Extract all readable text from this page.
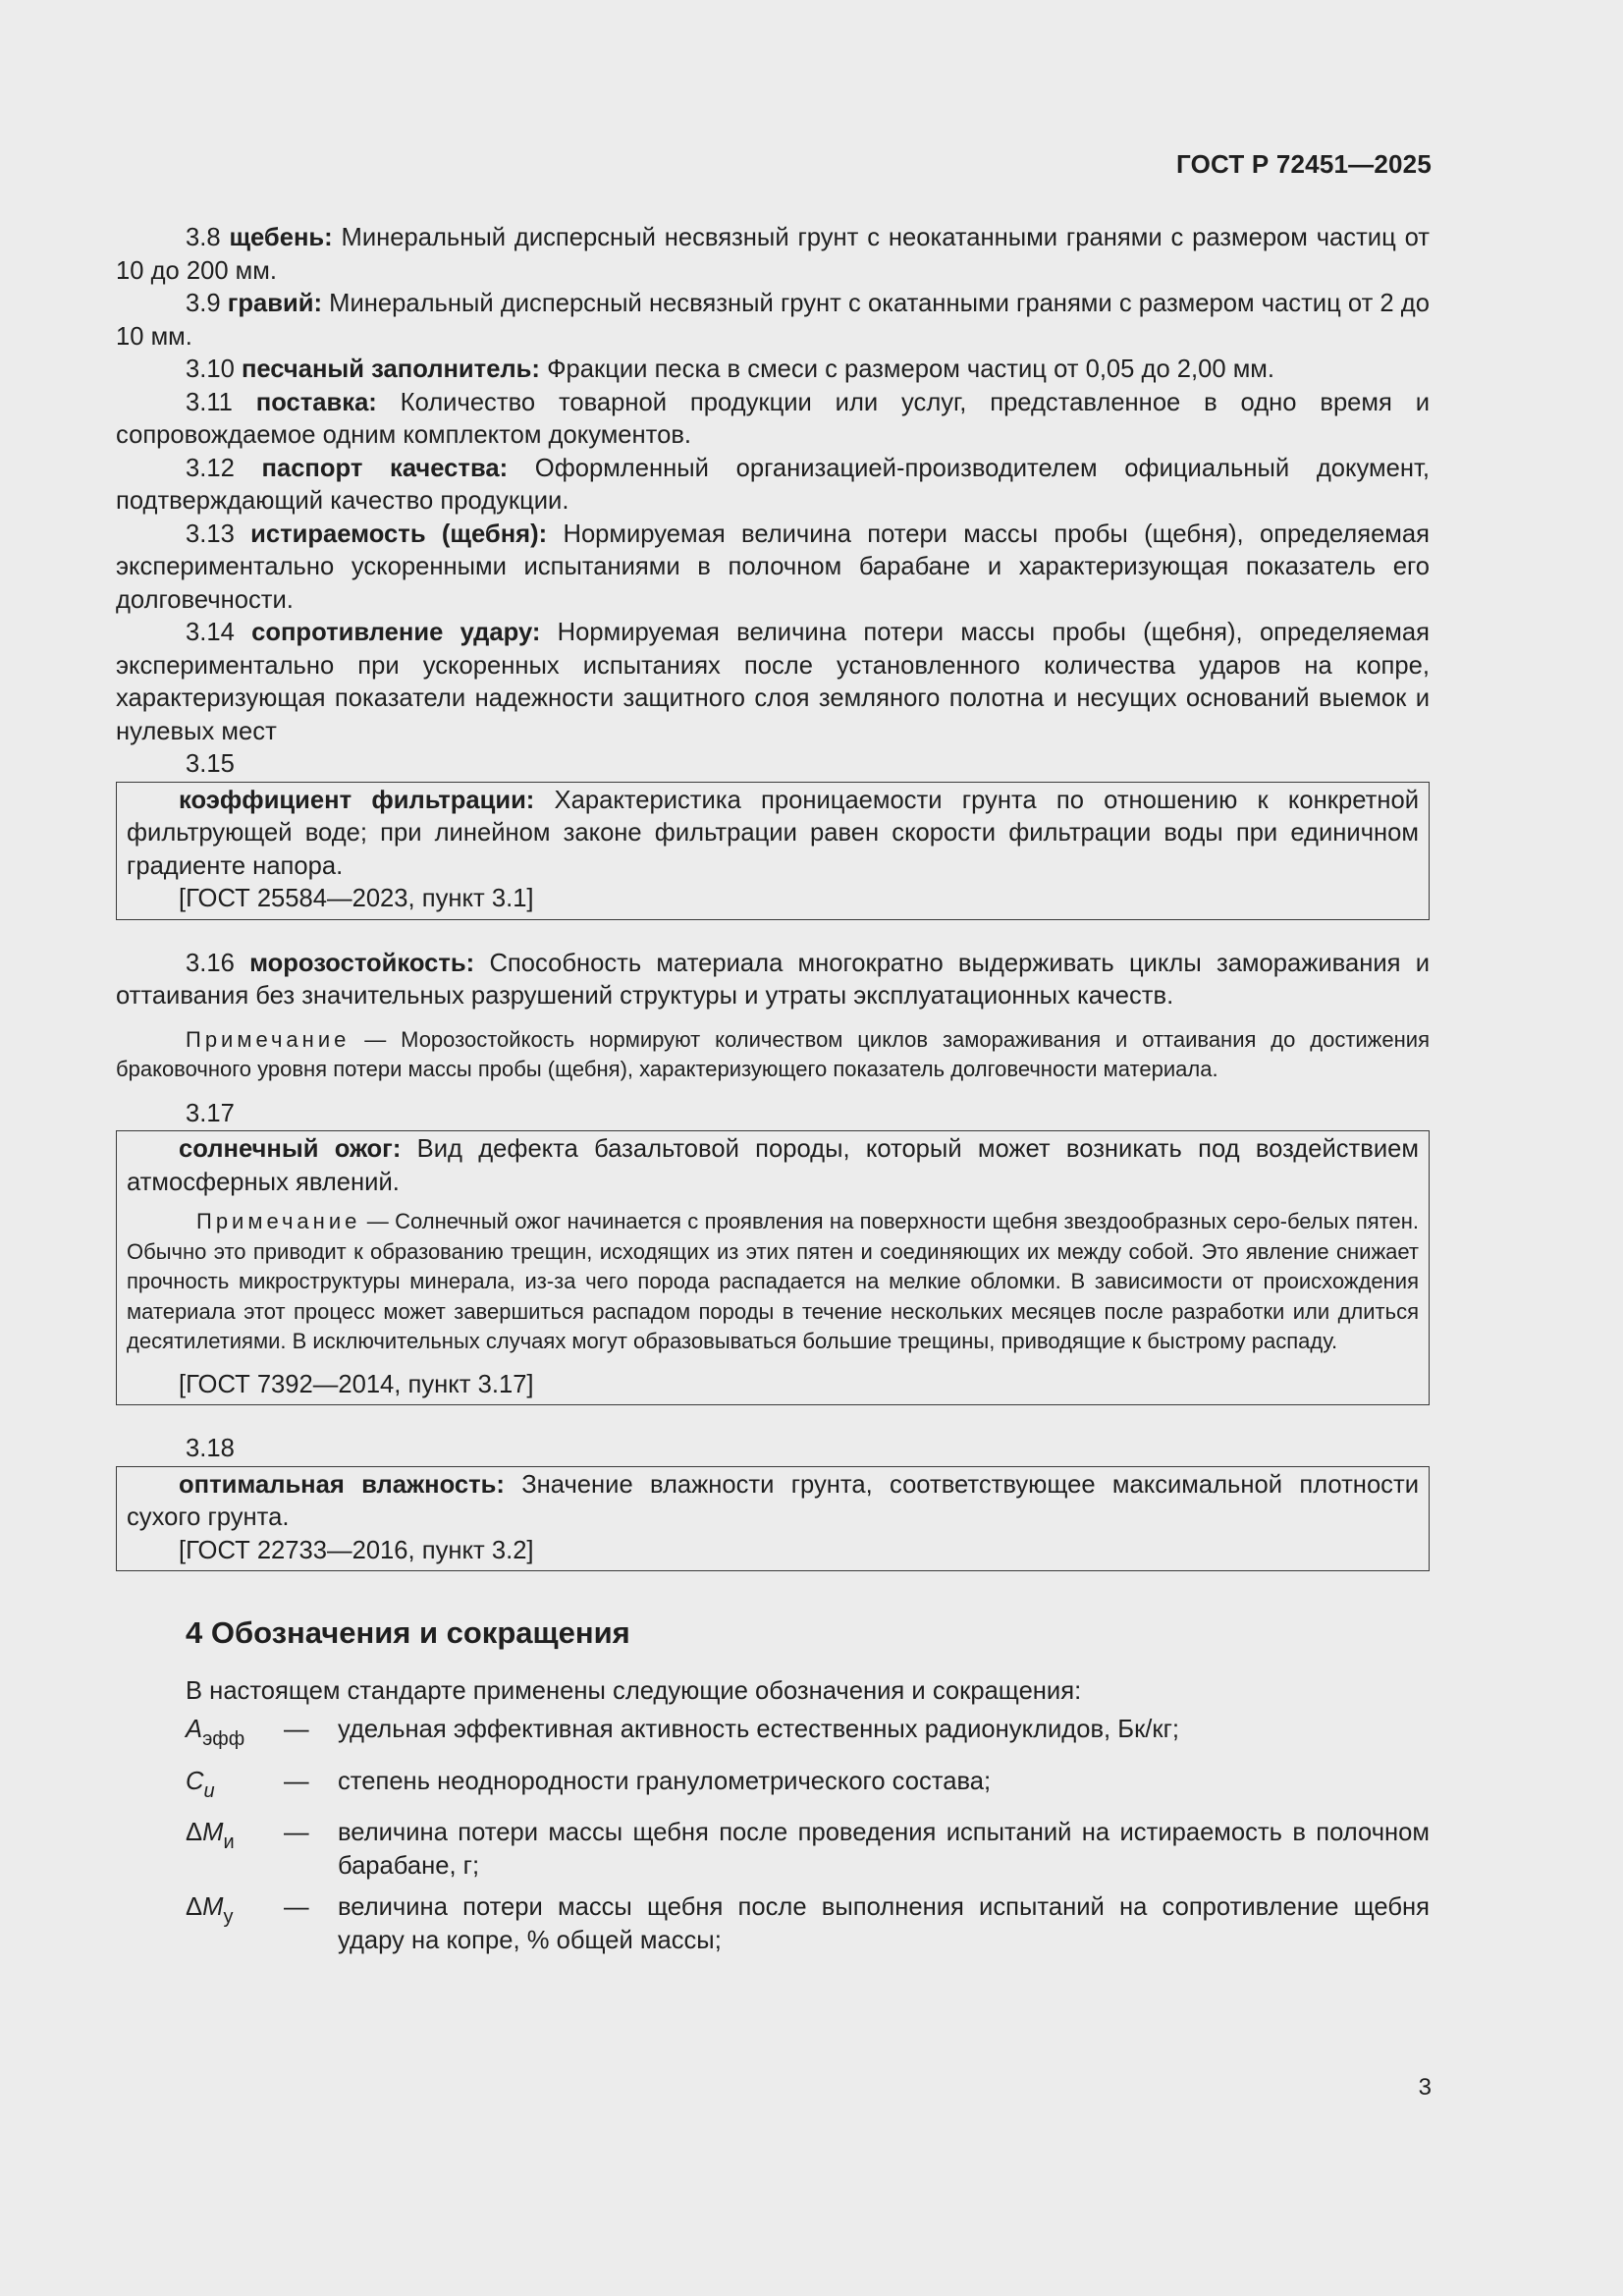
ГОСТ Р 72451—2025

3.8 щебень: Минеральный дисперсный несвязный грунт с неокатанными гранями с размером частиц от 10 до 200 мм.

3.9 гравий: Минеральный дисперсный несвязный грунт с окатанными гранями с размером частиц от 2 до 10 мм.

3.10 песчаный заполнитель: Фракции песка в смеси с размером частиц от 0,05 до 2,00 мм.

3.11 поставка: Количество товарной продукции или услуг, представленное в одно время и сопровождаемое одним комплектом документов.

3.12 паспорт качества: Оформленный организацией-производителем официальный документ, подтверждающий качество продукции.

3.13 истираемость (щебня): Нормируемая величина потери массы пробы (щебня), определяемая экспериментально ускоренными испытаниями в полочном барабане и характеризующая показатель его долговечности.

3.14 сопротивление удару: Нормируемая величина потери массы пробы (щебня), определяемая экспериментально при ускоренных испытаниях после установленного количества ударов на копре, характеризующая показатели надежности защитного слоя земляного полотна и несущих оснований выемок и нулевых мест

3.15

коэффициент фильтрации: Характеристика проницаемости грунта по отношению к конкретной фильтрующей воде; при линейном законе фильтрации равен скорости фильтрации воды при единичном градиенте напора.

[ГОСТ 25584—2023, пункт 3.1]

3.16 морозостойкость: Способность материала многократно выдерживать циклы замораживания и оттаивания без значительных разрушений структуры и утраты эксплуатационных качеств.

Примечание — Морозостойкость нормируют количеством циклов замораживания и оттаивания до достижения браковочного уровня потери массы пробы (щебня), характеризующего показатель долговечности материала.

3.17

солнечный ожог: Вид дефекта базальтовой породы, который может возникать под воздействием атмосферных явлений.

Примечание — Солнечный ожог начинается с проявления на поверхности щебня звездообразных серо-белых пятен. Обычно это приводит к образованию трещин, исходящих из этих пятен и соединяющих их между собой. Это явление снижает прочность микроструктуры минерала, из-за чего порода распадается на мелкие обломки. В зависимости от происхождения материала этот процесс может завершиться распадом породы в течение нескольких месяцев после разработки или длиться десятилетиями. В исключительных случаях могут образовываться большие трещины, приводящие к быстрому распаду.

[ГОСТ 7392—2014, пункт 3.17]

3.18

оптимальная влажность: Значение влажности грунта, соответствующее максимальной плотности сухого грунта.

[ГОСТ 22733—2016, пункт 3.2]

4 Обозначения и сокращения

В настоящем стандарте применены следующие обозначения и сокращения:

$A_{эфф}$	—	удельная эффективная активность естественных радионуклидов, Бк/кг;
$C_u$	—	степень неоднородности гранулометрического состава;
$\Delta M_и$	—	величина потери массы щебня после проведения испытаний на истираемость в полочном барабане, г;
$\Delta M_у$	—	величина потери массы щебня после выполнения испытаний на сопротивление щебня удару на копре, % общей массы;
3
